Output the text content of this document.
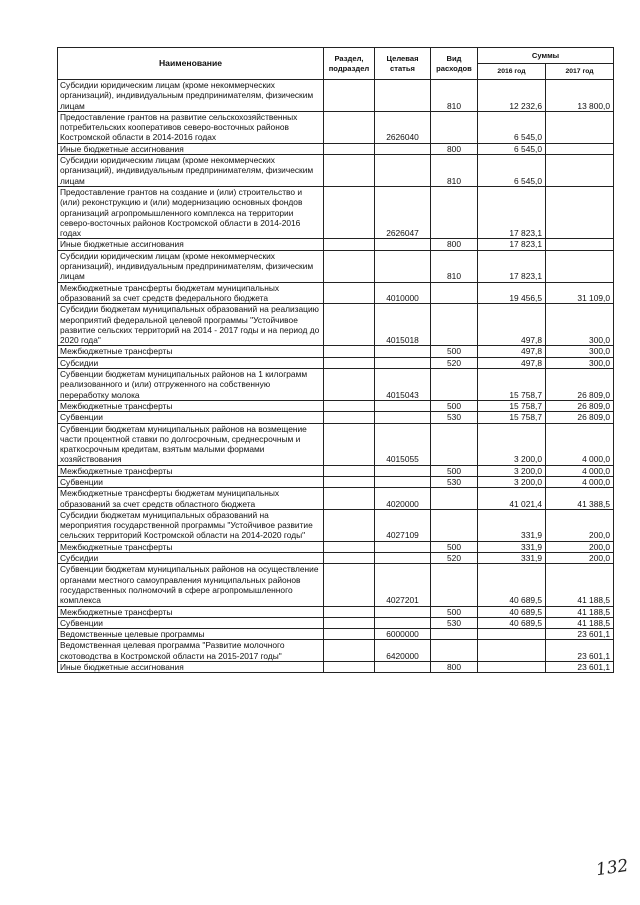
Наименование	Раздел, подраздел	Целевая статья	Вид расходов	Суммы	
				2016 год	2017 год
Субсидии юридическим лицам (кроме некоммерческих организаций), индивидуальным предпринимателям, физическим лицам			810	12 232,6	13 800,0
Предоставление грантов на развитие сельскохозяйственных потребительских кооперативов северо-восточных районов Костромской области в 2014-2016 годах		2626040		6 545,0	
Иные бюджетные ассигнования			800	6 545,0	
Субсидии юридическим лицам (кроме некоммерческих организаций), индивидуальным предпринимателям, физическим лицам			810	6 545,0	
Предоставление грантов на создание и (или) строительство и (или) реконструкцию и (или) модернизацию основных фондов организаций агропромышленного комплекса на территории северо-восточных районов Костромской области в 2014-2016 годах		2626047		17 823,1	
Иные бюджетные ассигнования			800	17 823,1	
Субсидии юридическим лицам (кроме некоммерческих организаций), индивидуальным предпринимателям, физическим лицам			810	17 823,1	
Межбюджетные трансферты бюджетам муниципальных образований за счет средств федерального бюджета		4010000		19 456,5	31 109,0
Субсидии бюджетам муниципальных образований на реализацию мероприятий федеральной целевой программы "Устойчивое развитие сельских территорий на 2014 - 2017 годы и на период до 2020 года"		4015018		497,8	300,0
Межбюджетные трансферты			500	497,8	300,0
Субсидии			520	497,8	300,0
Субвенции бюджетам муниципальных районов на 1 килограмм реализованного и (или) отгруженного на собственную переработку молока		4015043		15 758,7	26 809,0
Межбюджетные трансферты			500	15 758,7	26 809,0
Субвенции			530	15 758,7	26 809,0
Субвенции бюджетам муниципальных районов на возмещение части процентной ставки по долгосрочным, среднесрочным и краткосрочным кредитам, взятым малыми формами хозяйствования		4015055		3 200,0	4 000,0
Межбюджетные трансферты			500	3 200,0	4 000,0
Субвенции			530	3 200,0	4 000,0
Межбюджетные трансферты бюджетам муниципальных образований за счет средств областного бюджета		4020000		41 021,4	41 388,5
Субсидии бюджетам муниципальных образований на мероприятия государственной программы "Устойчивое развитие сельских территорий Костромской области на 2014-2020 годы"		4027109		331,9	200,0
Межбюджетные трансферты			500	331,9	200,0
Субсидии			520	331,9	200,0
Субвенции бюджетам муниципальных районов на осуществление органами местного самоуправления муниципальных районов государственных полномочий в сфере агропромышленного комплекса		4027201		40 689,5	41 188,5
Межбюджетные трансферты			500	40 689,5	41 188,5
Субвенции			530	40 689,5	41 188,5
Ведомственные целевые программы		6000000			23 601,1
Ведомственная целевая программа "Развитие молочного скотоводства в Костромской области на 2015-2017 годы"		6420000			23 601,1
Иные бюджетные ассигнования			800		23 601,1
132
